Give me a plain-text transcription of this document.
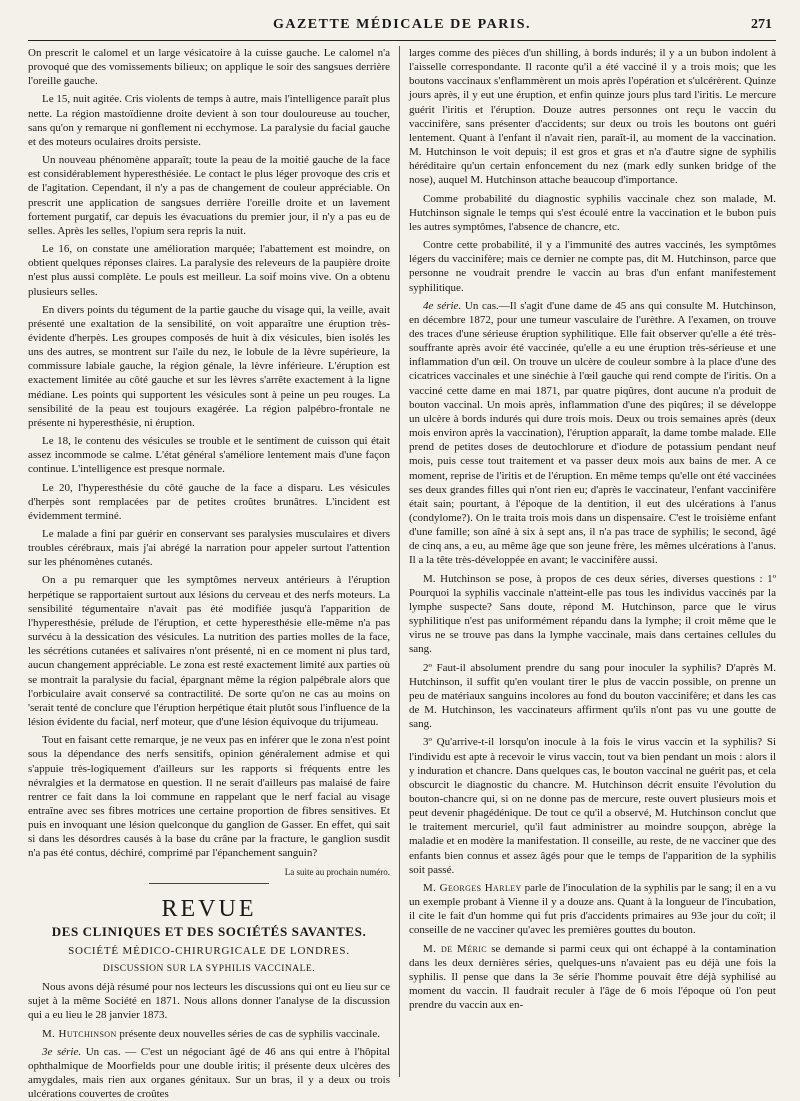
GAZETTE MÉDICALE DE PARIS.	271

On prescrit le calomel et un large vésicatoire à la cuisse gauche. Le calomel n'a provoqué que des vomissements bilieux; on applique le soir des sangsues derrière l'oreille gauche.

Le 15, nuit agitée. Cris violents de temps à autre, mais l'intelligence paraît plus nette. La région mastoïdienne droite devient à son tour douloureuse au toucher, sans qu'on y remarque ni gonflement ni ecchymose. La paralysie du facial gauche et des moteurs oculaires droits persiste.

Un nouveau phénomène apparaît; toute la peau de la moitié gauche de la face est considérablement hyperesthésiée. Le contact le plus léger provoque des cris et de l'agitation. Cependant, il n'y a pas de changement de couleur appréciable. On prescrit une application de sangsues derrière l'oreille droite et un lavement fortement purgatif, car depuis les évacuations du premier jour, il n'y a pas eu de selles. Après les selles, l'opium sera repris la nuit.

Le 16, on constate une amélioration marquée; l'abattement est moindre, on obtient quelques réponses claires. La paralysie des releveurs de la paupière droite n'est plus aussi complète. Le pouls est meilleur. La soif moins vive. On a obtenu plusieurs selles.

En divers points du tégument de la partie gauche du visage qui, la veille, avait présenté une exaltation de la sensibilité, on voit apparaître une éruption très-évidente d'herpès. Les groupes composés de huit à dix vésicules, bien isolés les uns des autres, se montrent sur l'aile du nez, le lobule de la lèvre supérieure, la commissure labiale gauche, la région génale, la lèvre inférieure. L'éruption est exactement limitée au côté gauche et sur les lèvres s'arrête exactement à la ligne médiane. Les points qui supportent les vésicules sont à peine un peu rouges. La sensibilité de la peau est toujours exagérée. La région palpébro-frontale ne présente ni hyperesthésie, ni éruption.

Le 18, le contenu des vésicules se trouble et le sentiment de cuisson qui était assez incommode se calme. L'état général s'améliore lentement mais d'une façon continue. L'intelligence est presque normale.

Le 20, l'hyperesthésie du côté gauche de la face a disparu. Les vésicules d'herpès sont remplacées par de petites croûtes brunâtres. L'incident est évidemment terminé.

Le malade a fini par guérir en conservant ses paralysies musculaires et divers troubles cérébraux, mais j'ai abrégé la narration pour appeler surtout l'attention sur les phénomènes cutanés.

On a pu remarquer que les symptômes nerveux antérieurs à l'éruption herpétique se rapportaient surtout aux lésions du cerveau et des nerfs moteurs. La sensibilité tégumentaire n'avait pas été modifiée jusqu'à l'apparition de l'hyperesthésie, prélude de l'éruption, et cette hyperesthésie elle-même n'a pas survécu à la dessication des vésicules. La nutrition des parties molles de la face, les sécrétions cutanées et salivaires n'ont présenté, ni en ce moment ni plus tard, aucun changement appréciable. Le zona est resté exactement limité aux parties où se montrait la paralysie du facial, épargnant même la région palpébrale alors que l'orbiculaire avait conservé sa contractilité. De sorte qu'on ne cas au moins on 'serait tenté de conclure que l'éruption herpétique était plutôt sous l'influence de la lésion évidente du facial, nerf moteur, que d'une lésion équivoque du trijumeau.

Tout en faisant cette remarque, je ne veux pas en inférer que le zona n'est point sous la dépendance des nerfs sensitifs, opinion généralement admise et qui s'appuie très-logiquement d'ailleurs sur les rapports si fréquents entre les névralgies et la dermatose en question. Il ne serait d'ailleurs pas malaisé de faire rentrer ce fait dans la loi commune en rappelant que le nerf facial au visage entraîne avec ses fibres motrices une certaine proportion de fibres sensitives. Et puis en invoquant une lésion quelconque du ganglion de Gasser. En effet, qui sait si dans les désordres causés à la base du crâne par la fracture, le ganglion susdit n'a pas été contus, déchiré, comprimé par l'épanchement sanguin?

La suite au prochain numéro.

REVUE
DES CLINIQUES ET DES SOCIÉTÉS SAVANTES.
SOCIÉTÉ MÉDICO-CHIRURGICALE DE LONDRES.
DISCUSSION SUR LA SYPHILIS VACCINALE.

Nous avons déjà résumé pour nos lecteurs les discussions qui ont eu lieu sur ce sujet à la même Société en 1871. Nous allons donner l'analyse de la discussion qui a eu lieu le 28 janvier 1873.

M. Hutchinson présente deux nouvelles séries de cas de syphilis vaccinale.

3e série. Un cas. — C'est un négociant âgé de 46 ans qui entre à l'hôpital ophthalmique de Moorfields pour une double iritis; il présente deux ulcères des amygdales, mais rien aux organes génitaux. Sur un bras, il y a deux ou trois ulcérations couvertes de croûtes

larges comme des pièces d'un shilling, à bords indurés; il y a un bubon indolent à l'aisselle correspondante. Il raconte qu'il a été vacciné il y a trois mois; que les boutons vaccinaux s'enflammèrent un mois après l'opération et s'ulcérèrent. Quinze jours après, il y eut une éruption, et enfin quinze jours plus tard l'iritis. Le mercure guérit l'iritis et l'éruption. Douze autres personnes ont reçu le vaccin du vaccinifère, sans présenter d'accidents; sur deux ou trois les boutons ont guéri lentement. Quant à l'enfant il n'avait rien, paraît-il, au moment de la vaccination. M. Hutchinson le voit depuis; il est gros et gras et n'a d'autre signe de syphilis héréditaire qu'un certain enfoncement du nez (mark edly sunken bridge of the nose), auquel M. Hutchinson attache beaucoup d'importance.

Comme probabilité du diagnostic syphilis vaccinale chez son malade, M. Hutchinson signale le temps qui s'est écoulé entre la vaccination et le bubon puis les autres symptômes, l'absence de chancre, etc.

Contre cette probabilité, il y a l'immunité des autres vaccinés, les symptômes légers du vaccinifère; mais ce dernier ne compte pas, dit M. Hutchinson, parce que personne ne voudrait prendre le vaccin au bras d'un enfant manifestement syphilitique.

4e série. Un cas.—Il s'agit d'une dame de 45 ans qui consulte M. Hutchinson, en décembre 1872, pour une tumeur vasculaire de l'urèthre. A l'examen, on trouve des traces d'une sérieuse éruption syphilitique. Elle fait observer qu'elle a été très-souffrante après avoir été vaccinée, qu'elle a eu une éruption très-sérieuse et une inflammation d'un œil. On trouve un ulcère de couleur sombre à la place d'une des cicatrices vaccinales et une sinéchie à l'œil gauche qui rend compte de l'iritis. On a vacciné cette dame en mai 1871, par quatre piqûres, dont aucune n'a produit de bouton vaccinal. Un mois après, inflammation d'une des piqûres; il se développe un ulcère à bords indurés qui dure trois mois. Deux ou trois semaines après (deux mois environ après la vaccination), l'éruption apparaît, la dame tombe malade. Elle prend de petites doses de deutochlorure et d'iodure de potassium pendant neuf mois, puis cesse tout traitement et va passer deux mois aux bains de mer. A ce moment, reprise de l'iritis et de l'éruption. En même temps qu'elle ont été vaccinées ses deux grandes filles qui n'ont rien eu; d'après le vaccinateur, l'enfant vaccinifère était sain; pourtant, à l'époque de la dentition, il eut des ulcérations à l'anus (condylome?). On le traita trois mois dans un dispensaire. C'est le troisième enfant d'une famille; son aîné à six à sept ans, il n'a pas trace de syphilis; le second, âgé de cinq ans, a eu, au même âge que son jeune frère, les mêmes ulcérations à l'anus. Il a la tête très-développée en avant; le vaccinifère aussi.

M. Hutchinson se pose, à propos de ces deux séries, diverses questions : 1º Pourquoi la syphilis vaccinale n'atteint-elle pas tous les individus vaccinés par la lymphe suspecte? Sans doute, répond M. Hutchinson, parce que le virus syphilitique n'est pas uniformément répandu dans la lymphe; il croit même que le virus ne se trouve pas dans la lymphe vaccinale, mais dans certaines cellules du sang.

2º Faut-il absolument prendre du sang pour inoculer la syphilis? D'après M. Hutchinson, il suffit qu'en voulant tirer le plus de vaccin possible, on prenne un peu de matériaux sanguins incolores au fond du bouton vaccinifère; et dans les cas de M. Hutchinson, les vaccinateurs affirment qu'ils n'ont pas vu une goutte de sang.

3º Qu'arrive-t-il lorsqu'on inocule à la fois le virus vaccin et la syphilis? Si l'individu est apte à recevoir le virus vaccin, tout va bien pendant un mois : alors il y induration et chancre. Dans quelques cas, le bouton vaccinal ne guérit pas, et cela obscurcit le diagnostic du chancre. M. Hutchinson décrit ensuite l'évolution du bouton-chancre qui, si on ne donne pas de mercure, reste ouvert plusieurs mois et peut devenir phagédénique. De tout ce qu'il a observé, M. Hutchinson conclut que le traitement mercuriel, qu'il faut administrer au moindre soupçon, abrège la maladie et en modère la manifestation. Il conseille, au reste, de ne vacciner que des enfants bien connus et assez âgés pour que le temps de l'apparition de la syphilis soit passé.

M. Georges Harley parle de l'inoculation de la syphilis par le sang; il en a vu un exemple probant à Vienne il y a douze ans. Quant à la longueur de l'incubation, il cite le fait d'un homme qui fut pris d'accidents primaires au 93e jour du coït; il conseille de ne vacciner qu'avec les premières gouttes du bouton.

M. de Méric se demande si parmi ceux qui ont échappé à la contamination dans les deux dernières séries, quelques-uns n'avaient pas eu déjà une fois la syphilis. Il pense que dans la 3e série l'homme pouvait être déjà syphilisé au moment du vaccin. Il faudrait reculer à l'âge de 6 mois l'époque où l'on peut prendre du vaccin aux en-
